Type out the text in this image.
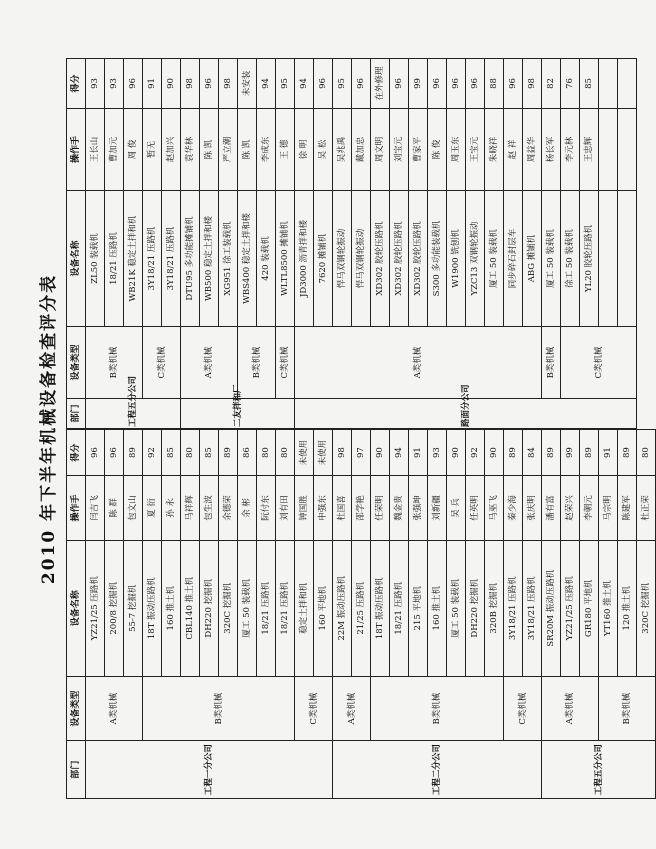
2010 年下半年机械设备检查评分表
部门	设备类型	设备名称	操作手	得分
工程一分公司	A类机械	YZ21/25 压路机	闫吉飞	96
		200/8 挖掘机	陈 群	96
		55-7 挖掘机	包文山	89
	B类机械	18T 振动压路机	夏 衍	92
		160 推土机	孙 永	85
		CBL140 推土机	马祥辉	80
		DH220 挖掘机	包生波	85
		320C 挖掘机	余德荣	89
		厦工 50 装载机	余 彬	86
		18/21 压路机	阮付东	80
		18/21 压路机	刘有田	80
	C类机械	稳定土拌和机	钟国胜	未使用
		160 平地机	申强东	未使用
工程二分公司	A类机械	22M 振动压路机	杜国喜	98
		21/25 压路机	邵学艳	97
	B类机械	18T 振动压路机	任荣明	90
		18/21 压路机	魏金贵	94
		215 平地机	张强坤	91
		160 推土机	刘新疆	93
		厦工 50 装载机	吴 兵	90
		DH220 挖掘机	任英明	92
		320B 挖掘机	马巫飞	90
	C类机械	3Y18/21 压路机	秦少海	89
		3Y18/21 压路机	张庆明	84
工程五分公司	A类机械	SR20M 振动压路机	潘有富	89
		YZ21/25 压路机	赵荣兴	99
		GR180 平地机	李朝元	89
	B类机械	YT160 推土机	马宗明	91
		120 推土机	陈建军	89
		320C 挖掘机	杜正荣	80
部门	设备类型	设备名称	操作手	得分
工程五分公司	B类机械	ZL50 装载机	王长山	93
		18/21 压路机	曹加元	93
		WB21K 稳定土拌和机	周 俊	96
	C类机械	3Y18/21 压路机	暂无	91
		3Y18/21 压路机	赵加兴	90
二友拌和厂	A类机械	DTU95 多功能摊铺机	袁华林	98
		WB500 稳定土拌和楼	陈 凯	96
		XG951 徐工装载机	严立潮	98
	B类机械	WBS400 稳定土拌和楼	陈 凯	未安装
		420 装载机	李成东	94
	C类机械	WLTL8500 摊铺机	王 德	95
路面分公司	A类机械	JD3000 沥青拌和楼	徐 明	94
		7620 摊铺机	吴 松	96
		悍马双钢轮振动	吴兆禹	95
		悍马双钢轮振动	戴加忠	96
		XD302 胶轮压路机	周文明	在外修理
		XD302 胶轮压路机	刘宝元	96
		XD302 胶轮压路机	曹家平	99
		S300 多功能装载机	陈 俊	96
		W1900 铣刨机	周玉东	96
		YZC13 双钢轮振动	王宝元	96
		厦工 50 装载机	朱晓祥	88
		同步碎石封层车	赵 祥	96
		ABG 摊铺机	周益华	98
	B类机械	厦工 50 装载机	杨长军	82
	C类机械	徐工 50 装载机	李元林	76
		YL20 胶轮压路机	王忠辉	85
